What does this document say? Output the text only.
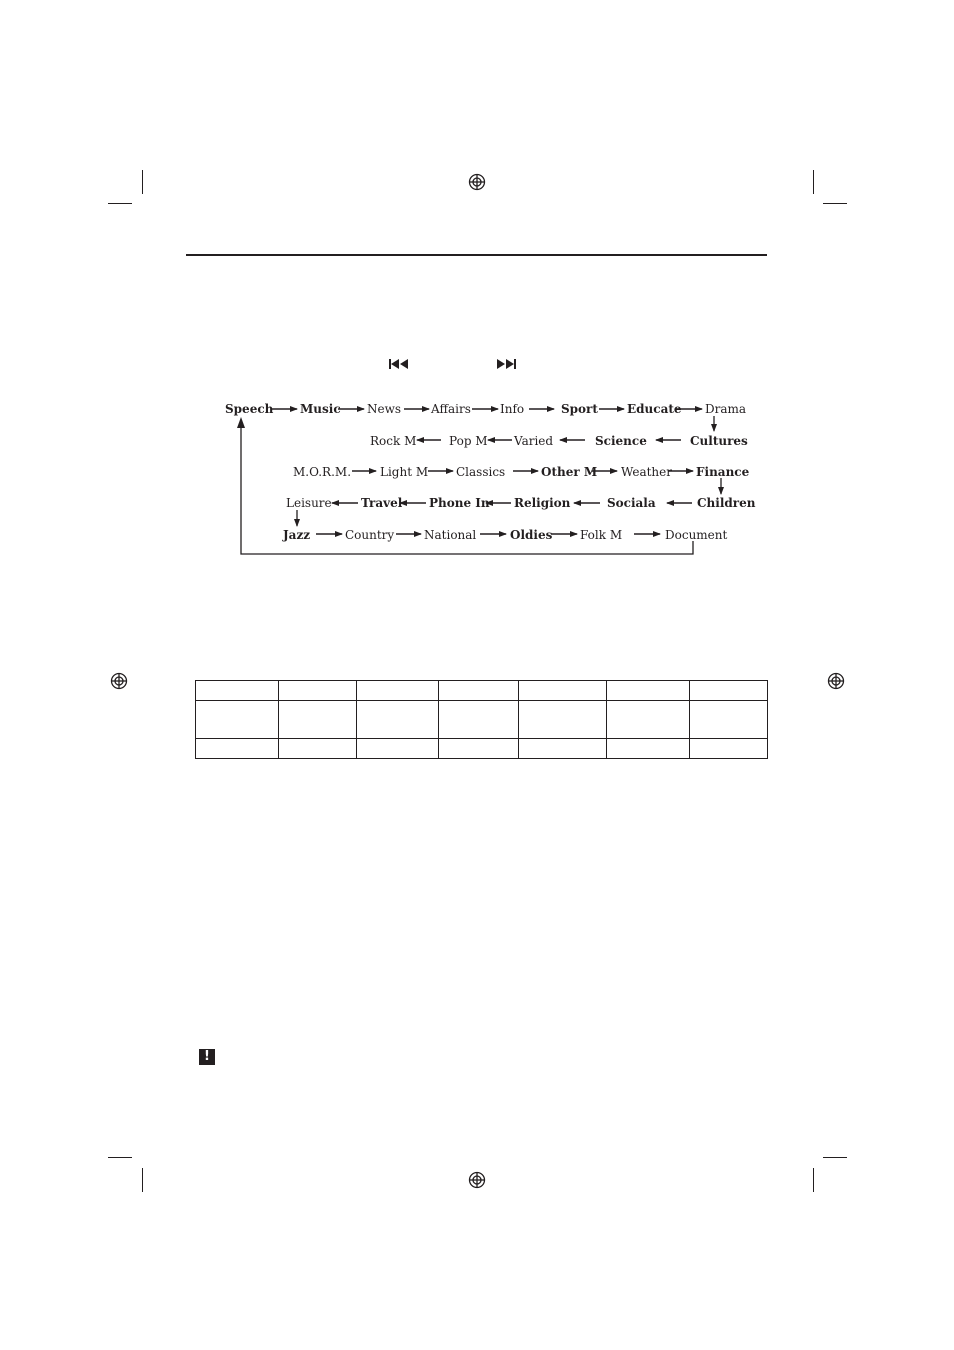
Speech Music News Affairs Info	Sport Educate Drama
Rock M	Pop M Varied	Science	Cultures
M.O.R.M. Light M Classics	Other M Weather Finance
Leisure Travel Phone In Religion	Sociala	Children
Jazz	Country National	Oldies Folk M	Document

!
